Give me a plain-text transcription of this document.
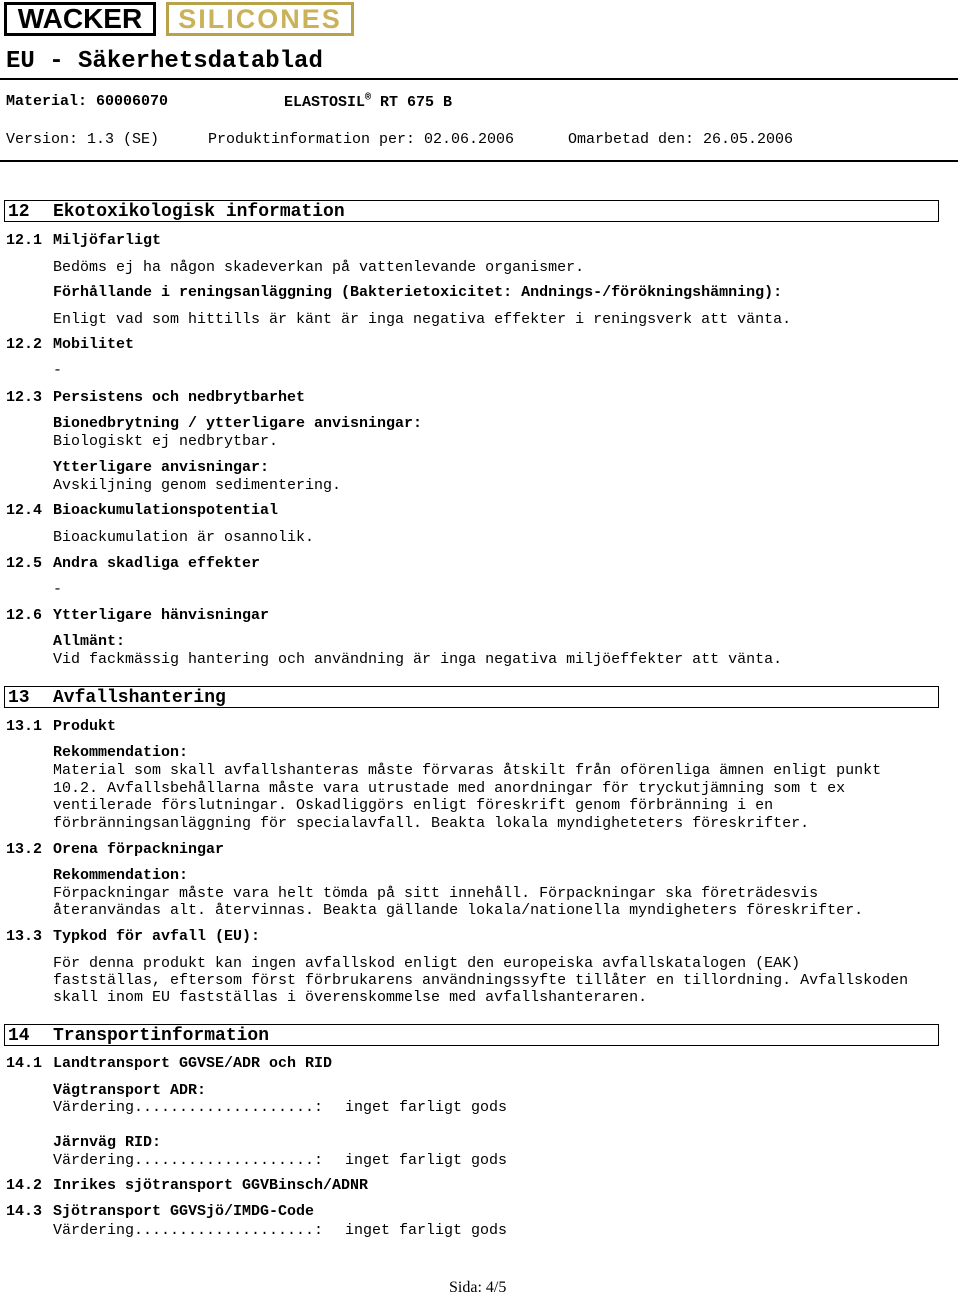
WACKER	SILICONES
EU - Säkerhetsdatablad
Material: 60006070	ELASTOSIL® RT 675 B
Version: 1.3 (SE)	Produktinformation per: 02.06.2006	Omarbetad den: 26.05.2006
12 Ekotoxikologisk information
12.1 Miljöfarligt
Bedöms ej ha någon skadeverkan på vattenlevande organismer.
Förhållande i reningsanläggning (Bakterietoxicitet: Andnings-/förökningshämning):
Enligt vad som hittills är känt är inga negativa effekter i reningsverk att vänta.
12.2 Mobilitet
-
12.3 Persistens och nedbrytbarhet
Bionedbrytning / ytterligare anvisningar:
Biologiskt ej nedbrytbar.
Ytterligare anvisningar:
Avskiljning genom sedimentering.
12.4 Bioackumulationspotential
Bioackumulation är osannolik.
12.5 Andra skadliga effekter
-
12.6 Ytterligare hänvisningar
Allmänt:
Vid fackmässig hantering och användning är inga negativa miljöeffekter att vänta.
13 Avfallshantering
13.1 Produkt
Rekommendation:
Material som skall avfallshanteras måste förvaras åtskilt från oförenliga ämnen enligt punkt
10.2. Avfallsbehållarna måste vara utrustade med anordningar för tryckutjämning som t ex
ventilerade förslutningar. Oskadliggörs enligt föreskrift genom förbränning i en
förbränningsanläggning för specialavfall. Beakta lokala myndigheteters föreskrifter.
13.2 Orena förpackningar
Rekommendation:
Förpackningar måste vara helt tömda på sitt innehåll. Förpackningar ska företrädesvis
återanvändas alt. återvinnas. Beakta gällande lokala/nationella myndigheters föreskrifter.
13.3 Typkod för avfall (EU):
För denna produkt kan ingen avfallskod enligt den europeiska avfallskatalogen (EAK)
fastställas, eftersom först förbrukarens användningssyfte tillåter en tillordning. Avfallskoden
skall inom EU fastställas i överenskommelse med avfallshanteraren.
14 Transportinformation
14.1 Landtransport GGVSE/ADR och RID
Vägtransport ADR:
Värdering....................: inget farligt gods
Järnväg RID:
Värdering....................: inget farligt gods
14.2 Inrikes sjötransport GGVBinsch/ADNR
14.3 Sjötransport GGVSjö/IMDG-Code
Värdering....................: inget farligt gods
Sida: 4/5
